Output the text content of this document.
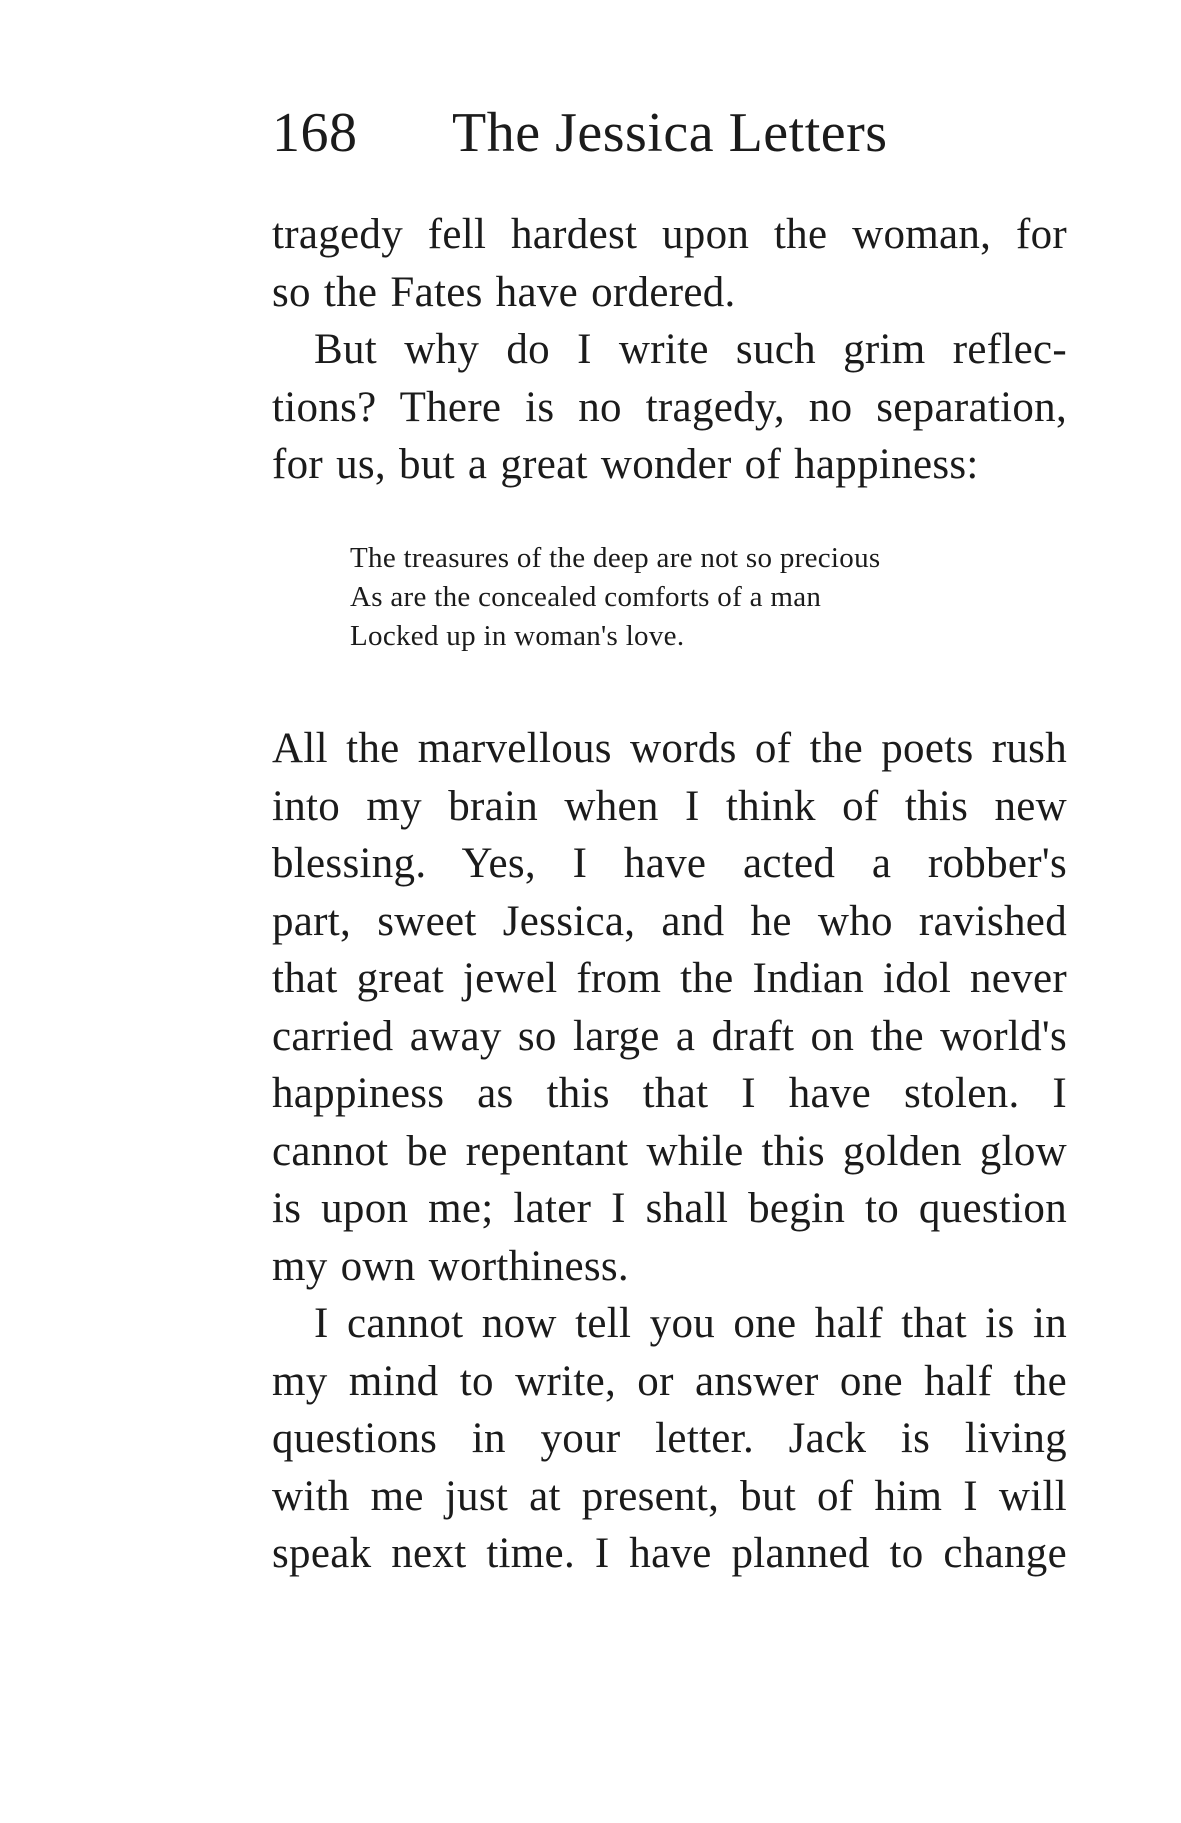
168 The Jessica Letters
tragedy fell hardest upon the woman, for
so the Fates have ordered.
But why do I write such grim reflec-
tions? There is no tragedy, no separation,
for us, but a great wonder of happiness:
The treasures of the deep are not so precious
As are the concealed comforts of a man
Locked up in woman's love.
All the marvellous words of the poets rush
into my brain when I think of this new
blessing. Yes, I have acted a robber's
part, sweet Jessica, and he who ravished
that great jewel from the Indian idol never
carried away so large a draft on the world's
happiness as this that I have stolen. I
cannot be repentant while this golden glow
is upon me; later I shall begin to question
my own worthiness.
I cannot now tell you one half that is in
my mind to write, or answer one half the
questions in your letter. Jack is living
with me just at present, but of him I will
speak next time. I have planned to change
